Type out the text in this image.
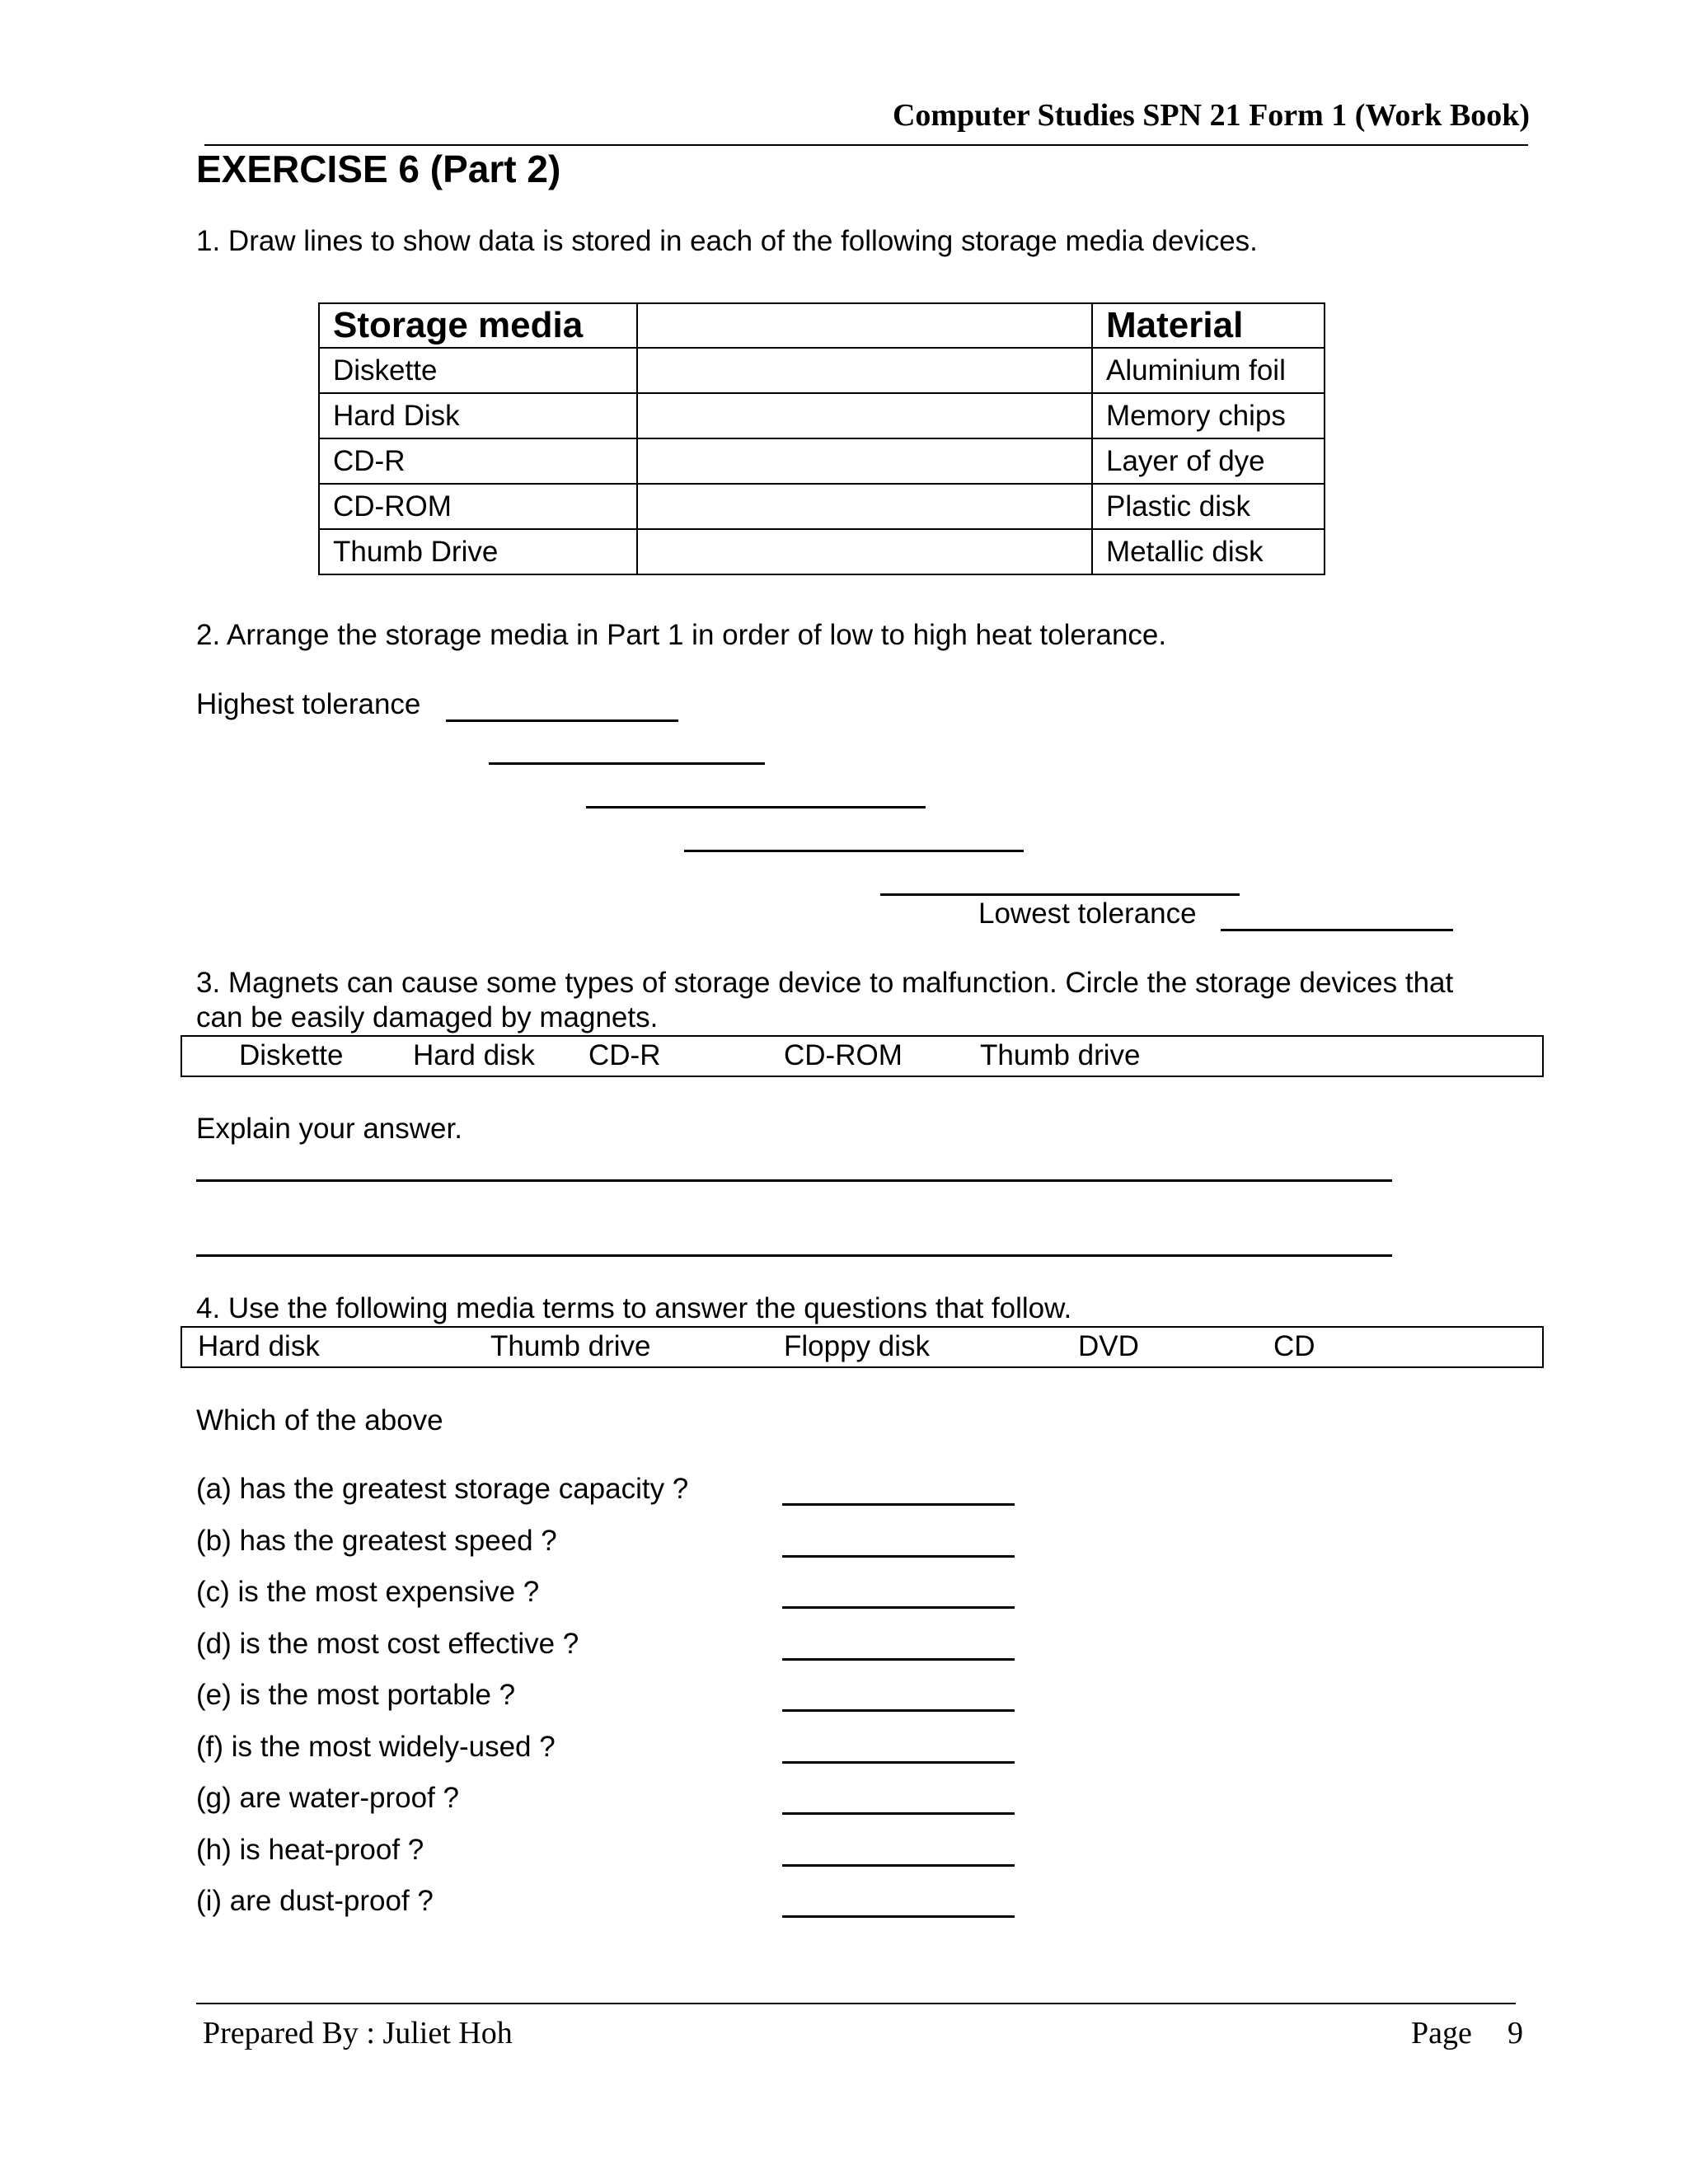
Computer Studies SPN 21 Form 1 (Work Book)
EXERCISE 6 (Part 2)
1. Draw lines to show data is stored in each of the following storage media devices.
Storage media		Material
Diskette		Aluminium foil
Hard Disk		Memory chips
CD-R		Layer of dye
CD-ROM		Plastic disk
Thumb Drive		Metallic disk
2. Arrange the storage media in Part 1 in order of low to high heat tolerance.
Highest tolerance
Lowest tolerance
3. Magnets can cause some types of storage device to malfunction. Circle the storage devices that
can be easily damaged by magnets.
Diskette Hard disk CD-R	CD-ROM	Thumb drive
Explain your answer.
4. Use the following media terms to answer the questions that follow.
Hard disk	Thumb drive	Floppy disk	DVD	CD
Which of the above
(a) has the greatest storage capacity ?
(b) has the greatest speed ?
(c) is the most expensive ?
(d) is the most cost effective ?
(e) is the most portable ?
(f) is the most widely-used ?
(g) are water-proof ?
(h) is heat-proof ?
(i) are dust-proof ?
Prepared By : Juliet Hoh	Page 9
